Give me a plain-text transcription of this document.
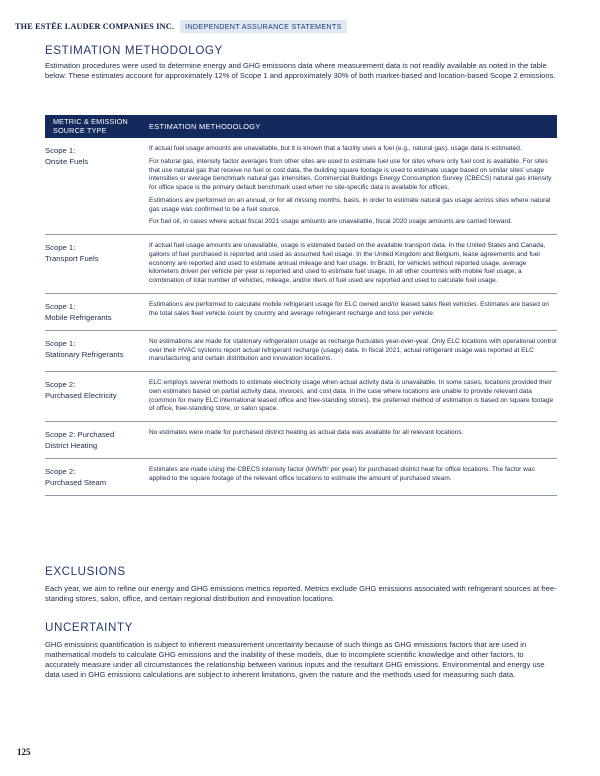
THE ESTĒE LAUDER COMPANIES INC.	INDEPENDENT ASSURANCE STATEMENTS
ESTIMATION METHODOLOGY

Estimation procedures were used to determine energy and GHG emissions data where measurement data is not readily available as noted in the table below. These estimates account for approximately 12% of Scope 1 and approximately 30% of both market-based and location-based Scope 2 emissions.

METRIC & EMISSION SOURCE TYPE	ESTIMATION METHODOLOGY
Scope 1:
Onsite Fuels

If actual fuel usage amounts are unavailable, but it is known that a facility uses a fuel (e.g., natural gas), usage data is estimated.

For natural gas, intensity factor averages from other sites are used to estimate fuel use for sites where only fuel cost is available. For sites that use natural gas that receive no fuel or cost data, the building square footage is used to estimate usage based on similar sites’ usage intensities or average benchmark natural gas intensities. Commercial Buildings Energy Consumption Survey (CBECS) natural gas intensity for office space is the primary default benchmark used when no site-specific data is available for offices.

Estimations are performed on an annual, or for all missing months, basis, in order to estimate natural gas usage across sites where natural gas usage was confirmed to be a fuel source.

For fuel oil, in cases where actual fiscal 2021 usage amounts are unavailable, fiscal 2020 usage amounts are carried forward.

Scope 1:
Transport Fuels

If actual fuel usage amounts are unavailable, usage is estimated based on the available transport data. In the United States and Canada, gallons of fuel purchased is reported and used as assumed fuel usage. In the United Kingdom and Belgium, lease agreements and fuel economy are reported and used to estimate annual mileage and fuel usage. In Brazil, for vehicles without reported usage, average kilometers driven per vehicle per year is reported and used to estimate fuel usage. In all other countries with mobile fuel usage, a combination of total number of vehicles, mileage, and/or liters of fuel used are reported and used to calculate fuel usage.

Scope 1:
Mobile Refrigerants

Estimations are performed to calculate mobile refrigerant usage for ELC owned and/or leased sales fleet vehicles. Estimates are based on the total sales fleet vehicle count by country and average refrigerant recharge and loss per vehicle.

Scope 1:
Stationary Refrigerants

No estimations are made for stationary refrigeration usage as recharge fluctuates year-over-year. Only ELC locations with operational control over their HVAC systems report actual refrigerant recharge (usage) data. In fiscal 2021, actual refrigerant usage was reported at ELC manufacturing and certain distribution and innovation locations.

Scope 2:
Purchased Electricity

ELC employs several methods to estimate electricity usage when actual activity data is unavailable. In some cases, locations provided their own estimates based on partial activity data, invoices, and cost data. In the case where locations are unable to provide relevant data (common for many ELC international leased office and free-standing stores), the preferred method of estimation is based on square footage of office, free-standing store, or salon space.

Scope 2: Purchased
District Heating

No estimates were made for purchased district heating as actual data was available for all relevant locations.

Scope 2:
Purchased Steam

Estimates are made using the CBECS intensity factor (kWh/ft² per year) for purchased district heat for office locations. The factor was applied to the square footage of the relevant office locations to estimate the amount of purchased steam.

EXCLUSIONS

Each year, we aim to refine our energy and GHG emissions metrics reported. Metrics exclude GHG emissions associated with refrigerant sources at free-standing stores, salon, office, and certain regional distribution and innovation locations.

UNCERTAINTY

GHG emissions quantification is subject to inherent measurement uncertainty because of such things as GHG emissions factors that are used in mathematical models to calculate GHG emissions and the inability of these models, due to incomplete scientific knowledge and other factors, to accurately measure under all circumstances the relationship between various inputs and the resultant GHG emissions. Environmental and energy use data used in GHG emissions calculations are subject to inherent limitations, given the nature and the methods used for measuring such data.

125
